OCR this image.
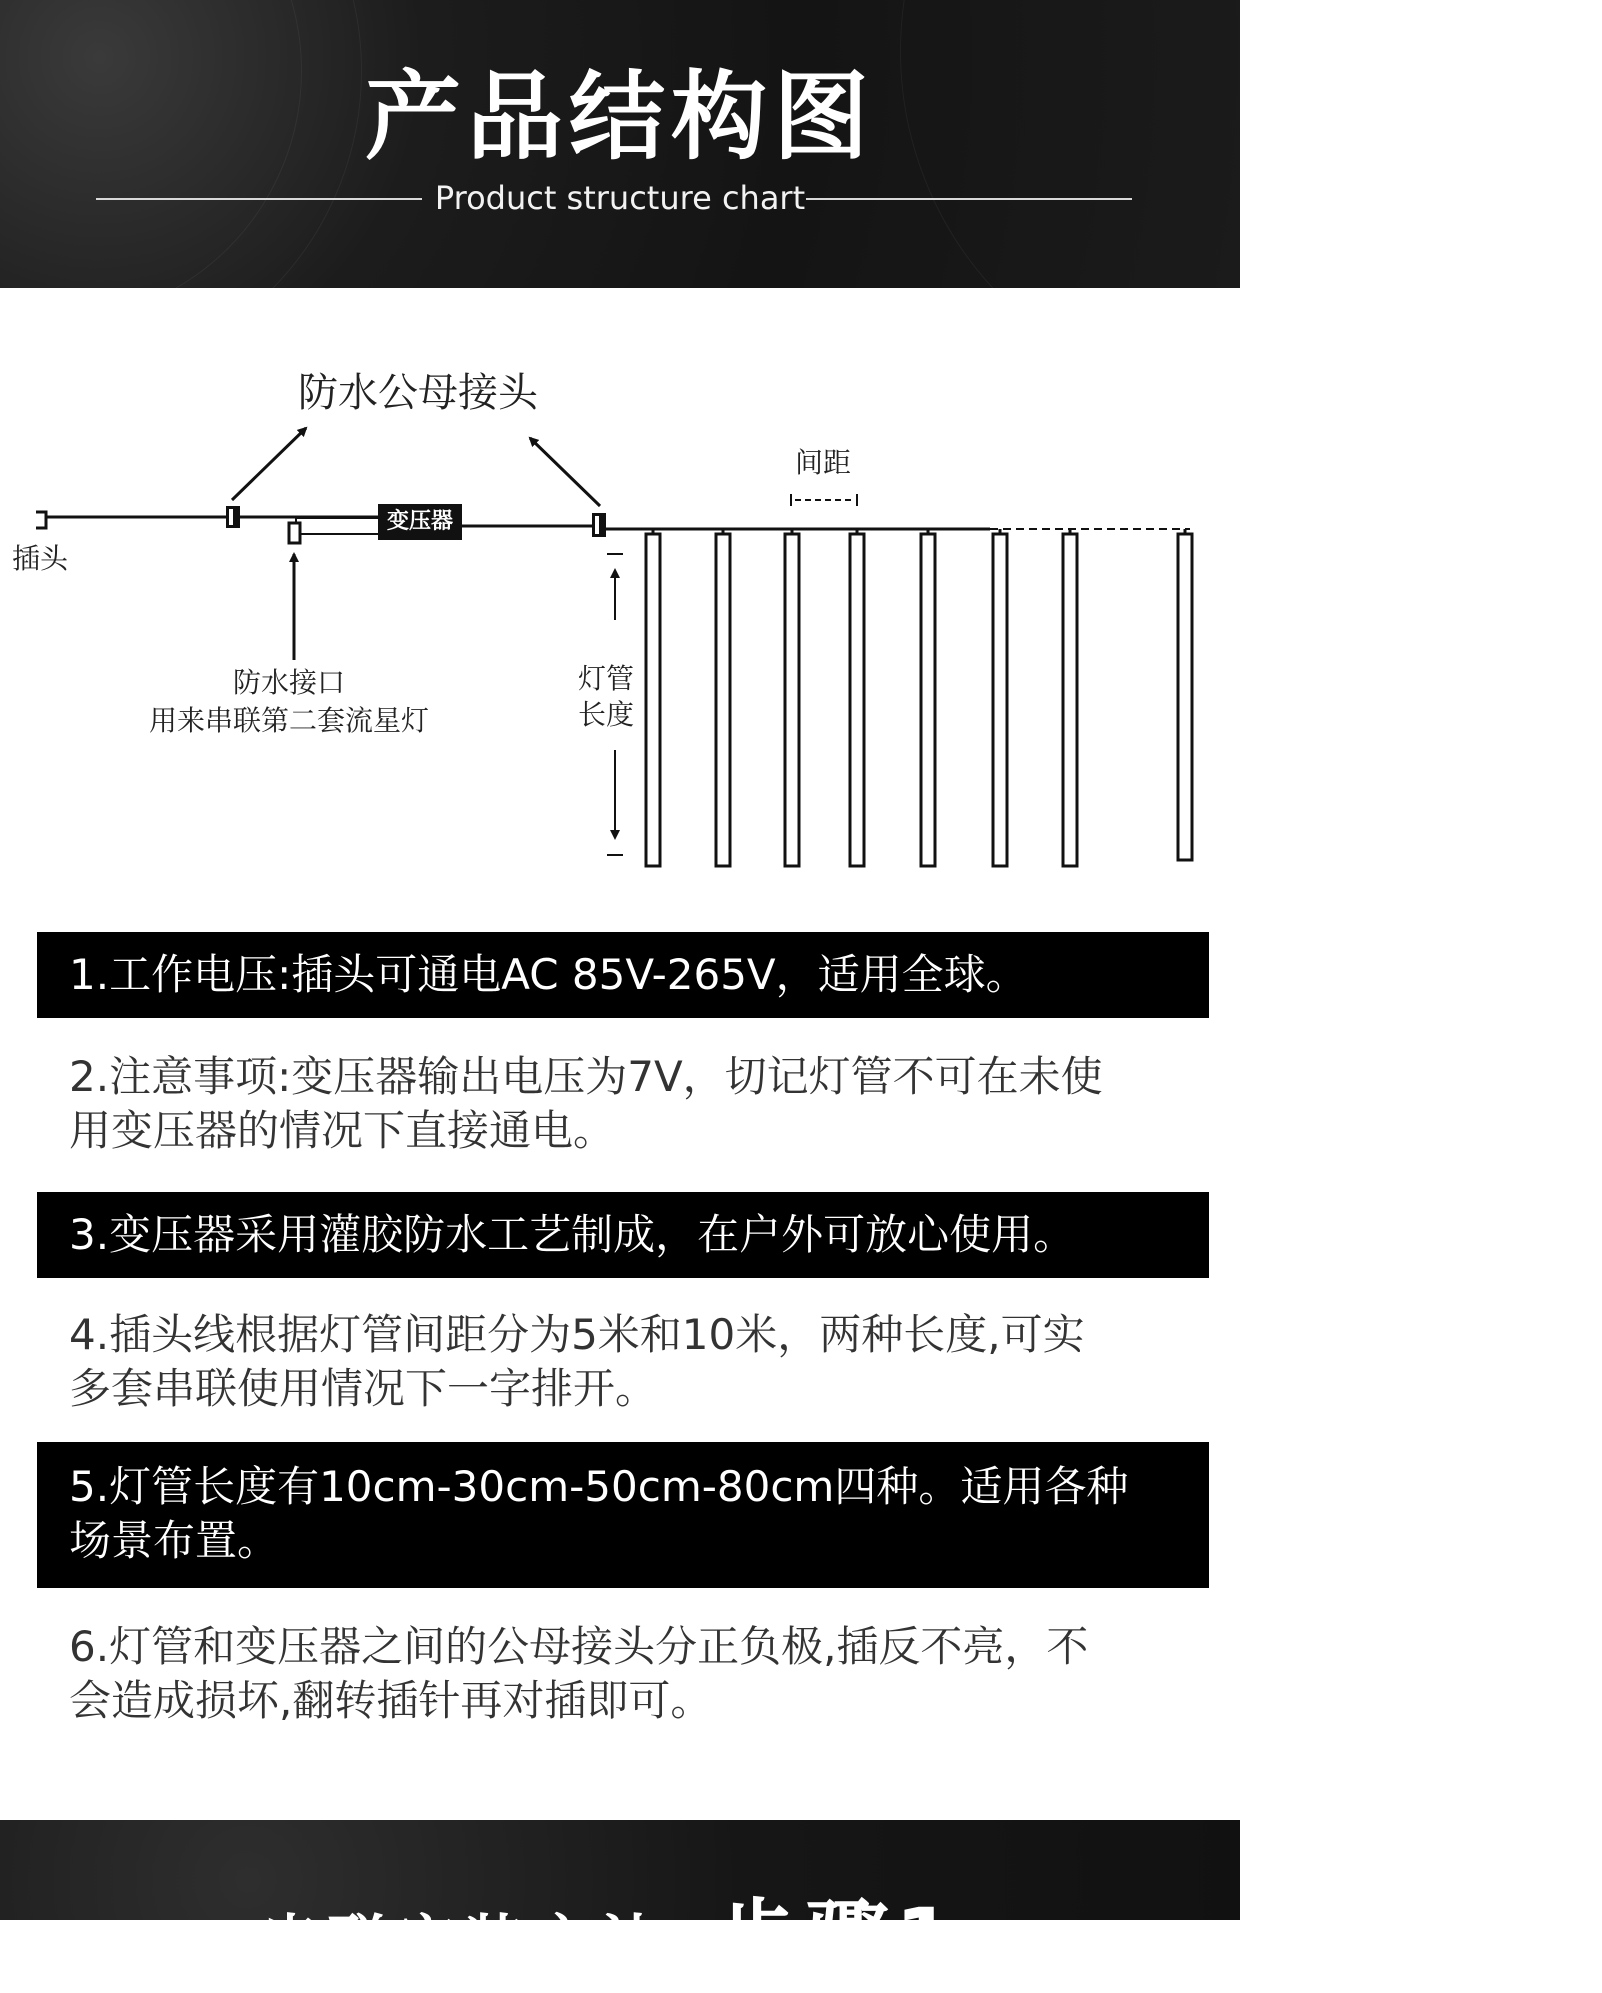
产品结构图
Product structure chart
防水公母接头
插头
变压器
间距
防水接口
用来串联第二套流星灯
灯管
长度
1.工作电压:插头可通电AC 85V-265V，适用全球。
2.注意事项:变压器输出电压为7V，切记灯管不可在未使
用变压器的情况下直接通电。
3.变压器采用灌胶防水工艺制成，在户外可放心使用。
4.插头线根据灯管间距分为5米和10米，两种长度,可实
多套串联使用情况下一字排开。
5.灯管长度有10cm-30cm-50cm-80cm四种。适用各种
场景布置。
6.灯管和变压器之间的公母接头分正负极,插反不亮，不
会造成损坏,翻转插针再对插即可。
串联安装方法 步骤1
